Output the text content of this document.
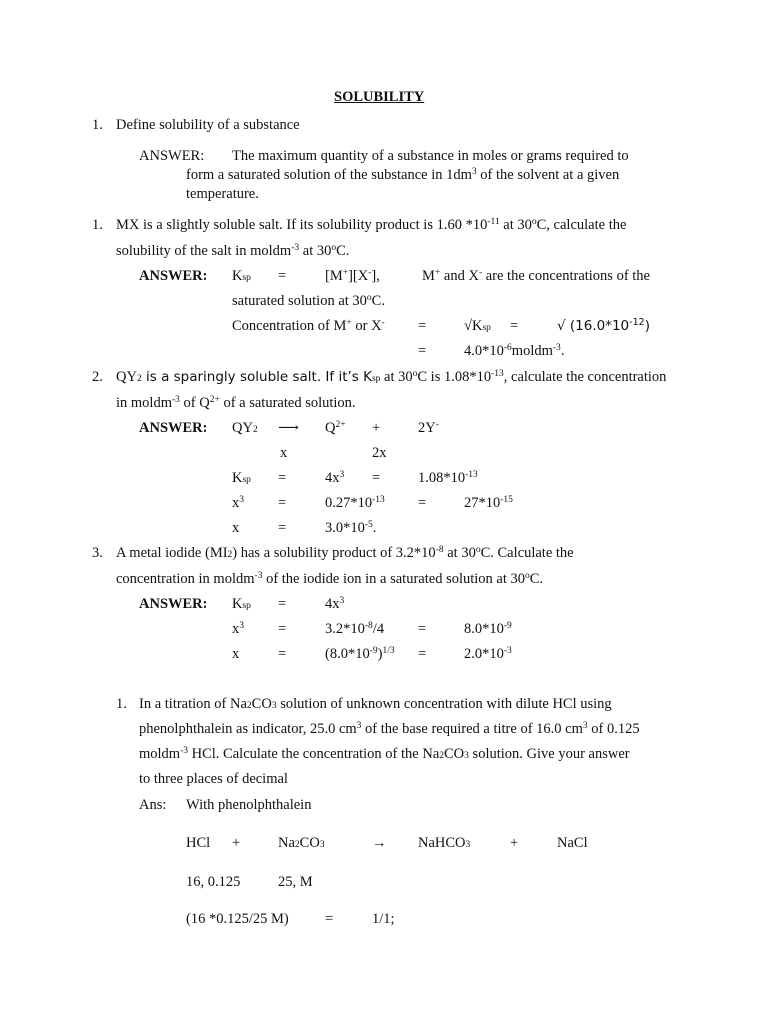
SOLUBILITY
1. Define solubility of a substance
ANSWER: The maximum quantity of a substance in moles or grams required to
form a saturated solution of the substance in $1dm^3$ of the solvent at a given
temperature.
1. MX is a slightly soluble salt. If its solubility product is 1.60 $*10^{-11}$ at 30$^o$C, calculate the
solubility of the salt in moldm$^{-3}$ at 30$^o$C.
ANSWER: $K_{sp}$ =	[M+][X-],	M+ and X- are the concentrations of the
saturated solution at 30$^o$C.
Concentration of M+ or X- =	$√K_{sp}$ =	√ $(16.0*10^{-12})$
=	$4.0*10^{-6}moldm^{-3}$.
2. $QY_2$ is a sparingly soluble salt. If it’s $K_{sp}$ at 30$^o$C is $1.08*10^{-13}$, calculate the concentration
in moldm$^{-3}$ of $Q^{2+}$ of a saturated solution.
ANSWER: $QY_2$ ⟶ $Q^{2+}$ +	2Y-
x	2x
$K_{sp}$ =	$4x^3$ =	$1.08*10^{-13}$
$x^3$ =	$0.27*10^{-13}$ =	$27*10^{-15}$
x	=	$3.0*10^{-5}$.
3. A metal iodide $(MI_2)$ has a solubility product of $3.2*10^{-8}$ at 30$^o$C. Calculate the
concentration in moldm$^{-3}$ of the iodide ion in a saturated solution at 30$^o$C.
ANSWER: $K_{sp}$ =	$4x^3$
$x^3$ =	$3.2*10^{-8}/4$ =	$8.0*10^{-9}$
x	=	$(8.0*10^{-9})^{1/3}$ =	$2.0*10^{-3}$
1. In a titration of $Na_2CO_3$ solution of unknown concentration with dilute HCl using
phenolphthalein as indicator, 25.0 $cm^3$ of the base required a titre of 16.0 $cm^3$ of 0.125
moldm$^{-3}$ HCl. Calculate the concentration of the $Na_2CO_3$ solution. Give your answer
to three places of decimal
Ans: With phenolphthalein
HCl +	$Na_2CO_3$	→ NaHCO$_3$	+	NaCl
16, 0.125	25, M
(16 *0.125/25 M)	=	1/1;
